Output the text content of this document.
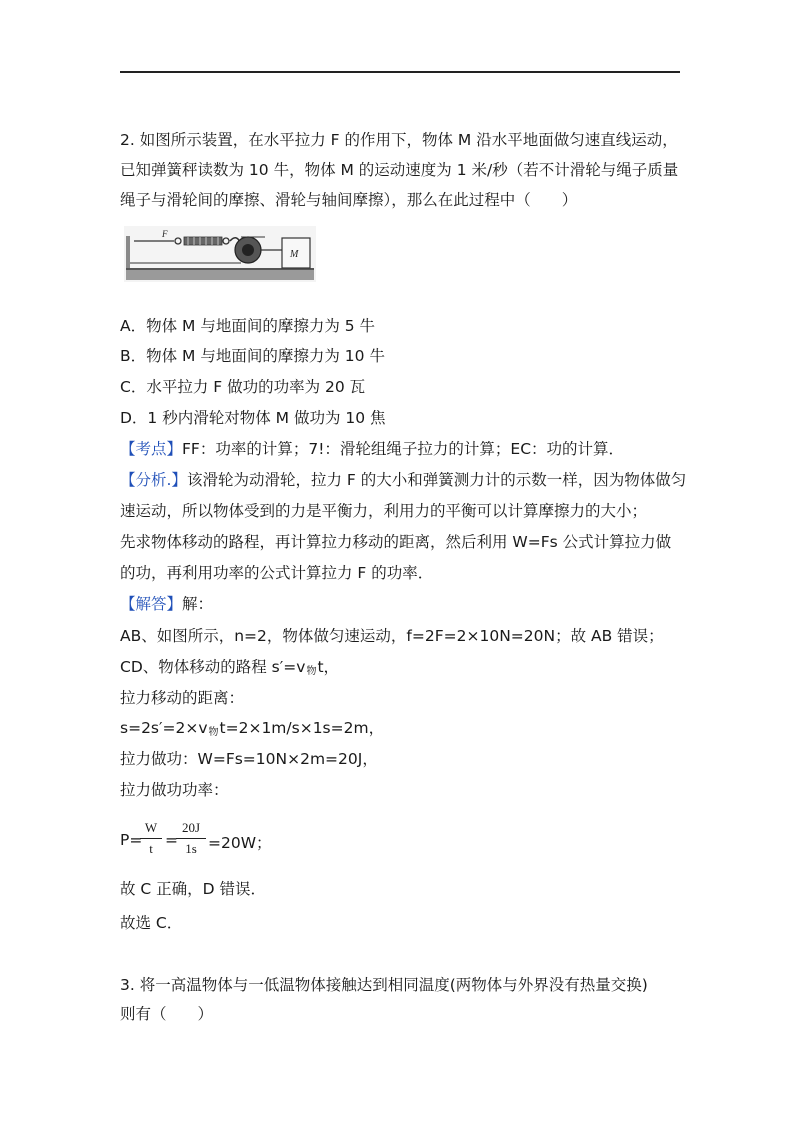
2. 如图所示装置，在水平拉力 F 的作用下，物体 M 沿水平地面做匀速直线运动，
已知弹簧秤读数为 10 牛，物体 M 的运动速度为 1 米/秒（若不计滑轮与绳子质量
绳子与滑轮间的摩擦、滑轮与轴间摩擦），那么在此过程中（　　）
F
M
A．物体 M 与地面间的摩擦力为 5 牛
B．物体 M 与地面间的摩擦力为 10 牛
C．水平拉力 F 做功的功率为 20 瓦
D．1 秒内滑轮对物体 M 做功为 10 焦
【考点】FF：功率的计算；7!：滑轮组绳子拉力的计算；EC：功的计算．
【分析.】该滑轮为动滑轮，拉力 F 的大小和弹簧测力计的示数一样，因为物体做匀
速运动，所以物体受到的力是平衡力，利用力的平衡可以计算摩擦力的大小；
先求物体移动的路程，再计算拉力移动的距离，然后利用 W=Fs 公式计算拉力做
的功，再利用功率的公式计算拉力 F 的功率．
【解答】解：
AB、如图所示，n=2，物体做匀速运动，f=2F=2×10N=20N；故 AB 错误；
CD、物体移动的路程 $s'=v_物t$，
拉力移动的距离：
$s=2s'=2\times v_物t=2\times 1m/s\times 1s=2m$，
拉力做功：W=Fs=10N×2m=20J，
拉力做功功率：
P=
W
t =
20J
1s =20W；
故 C 正确，D 错误．
故选 C．
3. 将一高温物体与一低温物体接触达到相同温度(两物体与外界没有热量交换)
则有（　　）
